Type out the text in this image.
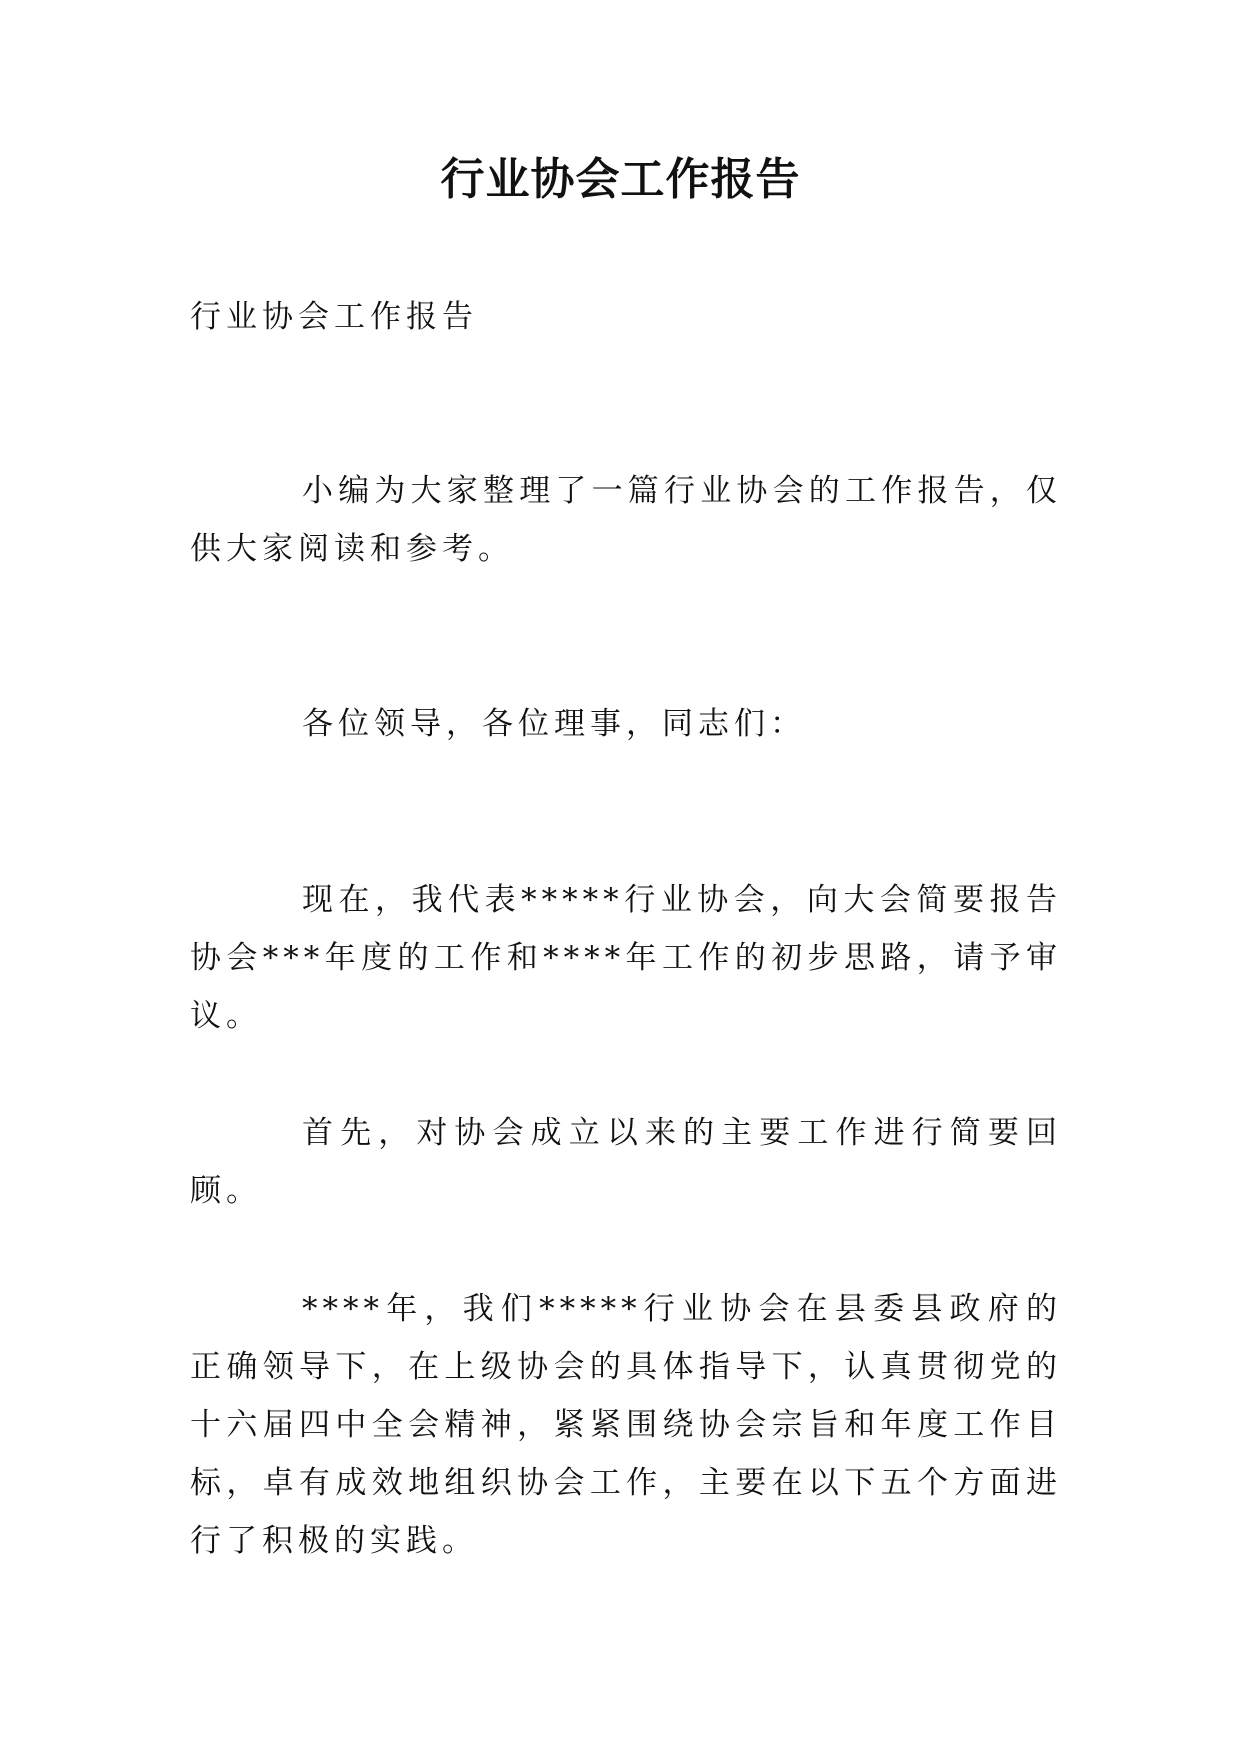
行业协会工作报告

行业协会工作报告

小编为大家整理了一篇行业协会的工作报告，仅供大家阅读和参考。

各位领导，各位理事，同志们：

现在，我代表*****行业协会，向大会简要报告协会***年度的工作和****年工作的初步思路，请予审议。

首先，对协会成立以来的主要工作进行简要回顾。

****年，我们*****行业协会在县委县政府的正确领导下，在上级协会的具体指导下，认真贯彻党的十六届四中全会精神，紧紧围绕协会宗旨和年度工作目标，卓有成效地组织协会工作，主要在以下五个方面进行了积极的实践。
